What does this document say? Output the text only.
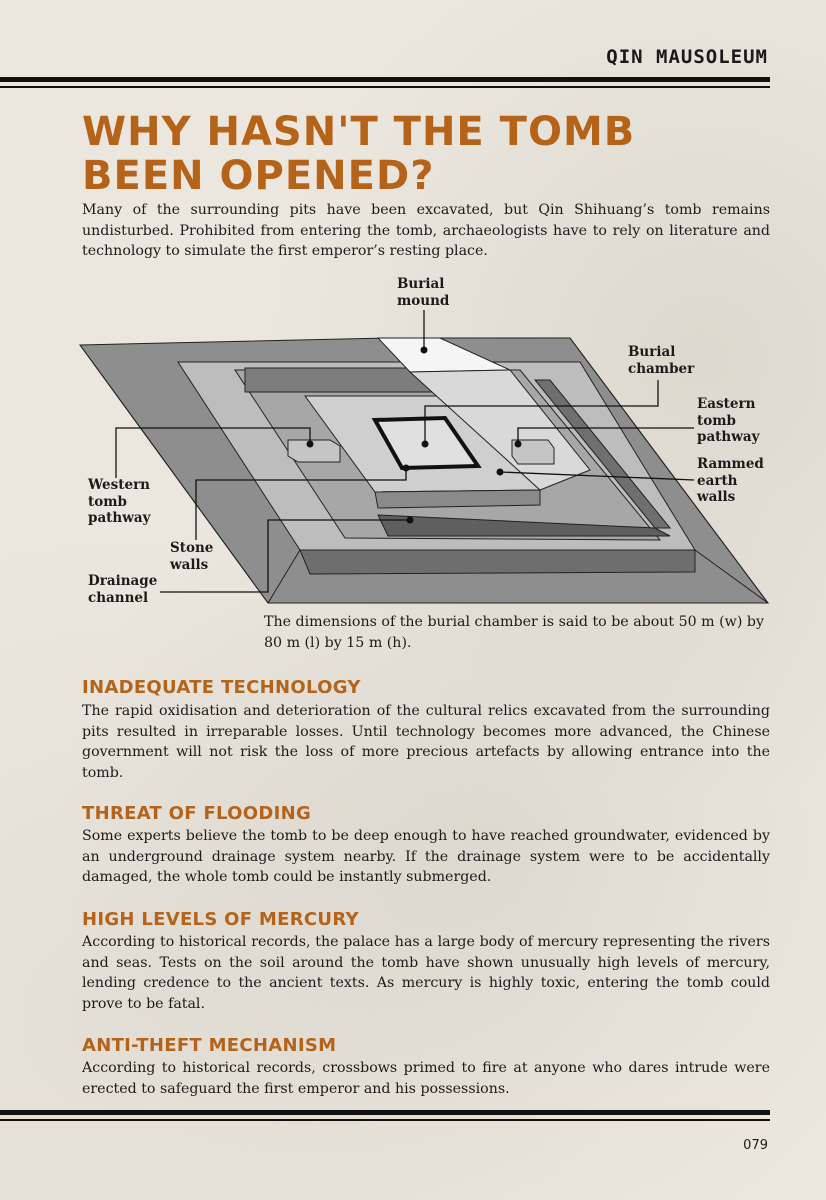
QIN MAUSOLEUM
WHY HASN'T THE TOMB BEEN OPENED?

Many of the surrounding pits have been excavated, but Qin Shihuang’s tomb remains undisturbed. Prohibited from entering the tomb, archaeologists have to rely on literature and technology to simulate the first emperor’s resting place.

Burial
mound
Burial
chamber
Eastern
tomb
pathway
Rammed
earth
walls
Western
tomb
pathway
Stone
walls
Drainage
channel

The dimensions of the burial chamber is said to be about 50 m (w) by 80 m (l) by 15 m (h).

INADEQUATE TECHNOLOGY

The rapid oxidisation and deterioration of the cultural relics excavated from the surrounding pits resulted in irreparable losses. Until technology becomes more advanced, the Chinese government will not risk the loss of more precious artefacts by allowing entrance into the tomb.

THREAT OF FLOODING

Some experts believe the tomb to be deep enough to have reached groundwater, evidenced by an underground drainage system nearby. If the drainage system were to be accidentally damaged, the whole tomb could be instantly submerged.

HIGH LEVELS OF MERCURY

According to historical records, the palace has a large body of mercury representing the rivers and seas. Tests on the soil around the tomb have shown unusually high levels of mercury, lending credence to the ancient texts. As mercury is highly toxic, entering the tomb could prove to be fatal.

ANTI-THEFT MECHANISM

According to historical records, crossbows primed to fire at anyone who dares intrude were erected to safeguard the first emperor and his possessions.

079
